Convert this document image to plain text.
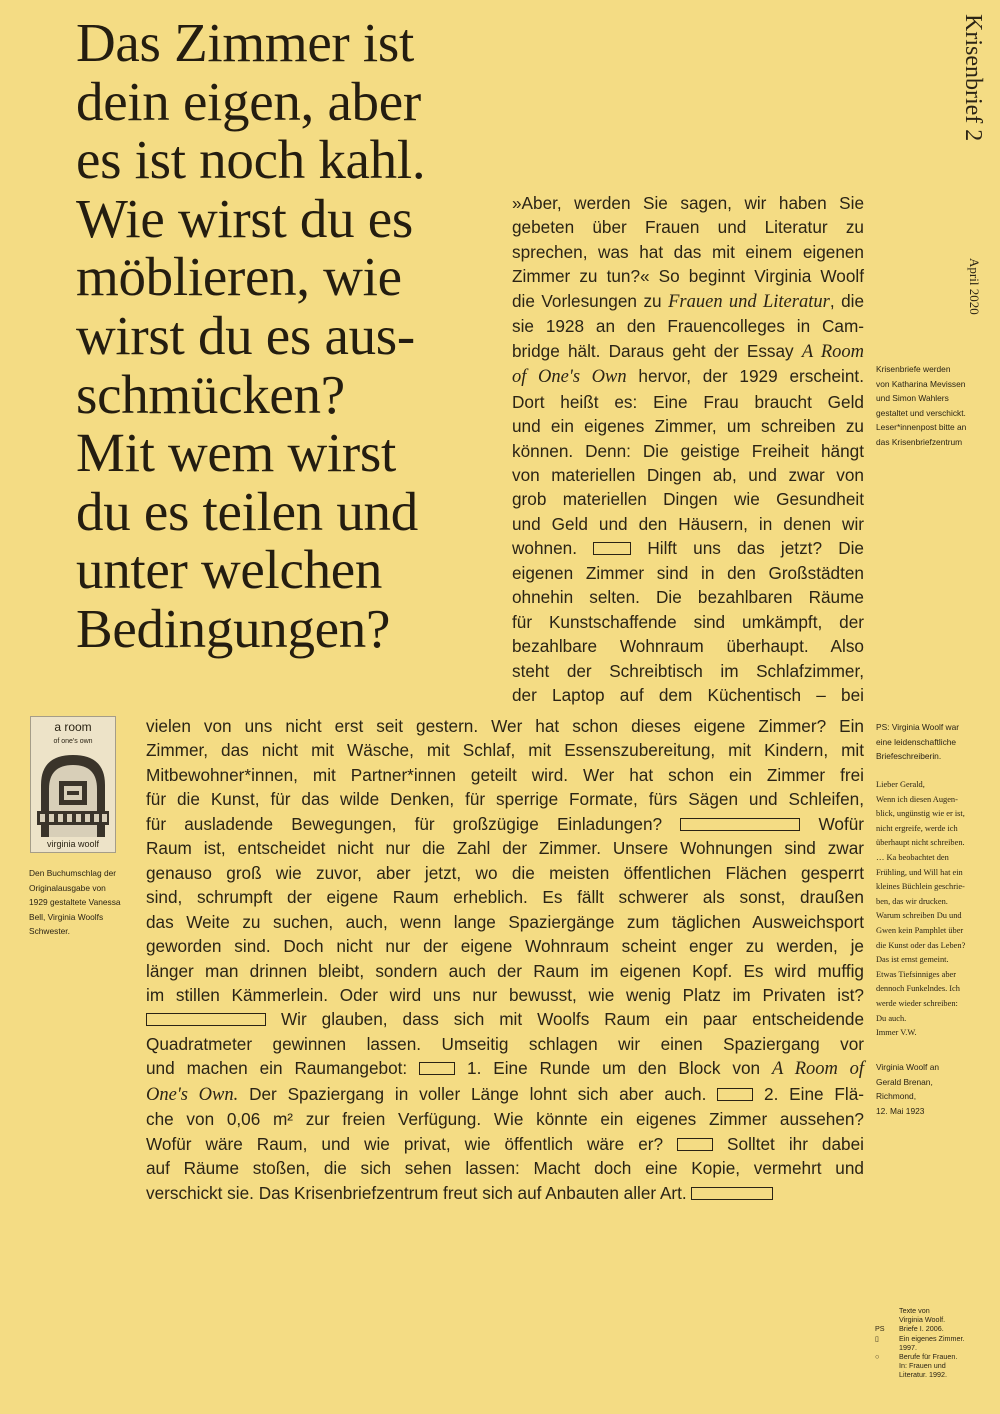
Das Zimmer ist
dein eigen, aber
es ist noch kahl.
Wie wirst du es
möblieren, wie
wirst du es aus-
schmücken?
Mit wem wirst
du es teilen und
unter welchen
Bedingungen?
Krisenbrief 2
April 2020
Krisenbriefe werden
von Katharina Mevissen
und Simon Wahlers
gestaltet und verschickt.
Leser*innenpost bitte an
das Krisenbriefzentrum
»Aber, werden Sie sagen, wir haben Sie
gebeten über Frauen und Literatur zu
sprechen, was hat das mit einem eigenen
Zimmer zu tun?« So beginnt Virginia Woolf
die Vorlesungen zu Frauen und Literatur, die
sie 1928 an den Frauencolleges in Cam-
bridge hält. Daraus geht der Essay A Room
of One's Own hervor, der 1929 erscheint.
Dort heißt es: Eine Frau braucht Geld
und ein eigenes Zimmer, um schreiben zu
können. Denn: Die geistige Freiheit hängt
von materiellen Dingen ab, und zwar von
grob materiellen Dingen wie Gesundheit
und Geld und den Häusern, in denen wir
wohnen.	Hilft uns das jetzt? Die
eigenen Zimmer sind in den Großstädten
ohnehin selten. Die bezahlbaren Räume
für Kunstschaffende sind umkämpft, der
bezahlbare Wohnraum überhaupt. Also
steht der Schreibtisch im Schlafzimmer,
der Laptop auf dem Küchentisch – bei
vielen von uns nicht erst seit gestern. Wer hat schon dieses eigene Zimmer? Ein
Zimmer, das nicht mit Wäsche, mit Schlaf, mit Essenszubereitung, mit Kindern, mit
Mitbewohner*innen, mit Partner*innen geteilt wird. Wer hat schon ein Zimmer frei
für die Kunst, für das wilde Denken, für sperrige Formate, fürs Sägen und Schleifen,
für ausladende Bewegungen, für großzügige Einladungen?	Wofür
Raum ist, entscheidet nicht nur die Zahl der Zimmer. Unsere Wohnungen sind zwar
genauso groß wie zuvor, aber jetzt, wo die meisten öffentlichen Flächen gesperrt
sind, schrumpft der eigene Raum erheblich. Es fällt schwerer als sonst, draußen
das Weite zu suchen, auch, wenn lange Spaziergänge zum täglichen Ausweichsport
geworden sind. Doch nicht nur der eigene Wohnraum scheint enger zu werden, je
länger man drinnen bleibt, sondern auch der Raum im eigenen Kopf. Es wird muffig
im stillen Kämmerlein. Oder wird uns nur bewusst, wie wenig Platz im Privaten ist?
Wir glauben, dass sich mit Woolfs Raum ein paar entscheidende
Quadratmeter gewinnen lassen. Umseitig schlagen wir einen Spaziergang vor
und machen ein Raumangebot:	1. Eine Runde um den Block von A Room of
One's Own. Der Spaziergang in voller Länge lohnt sich aber auch.	2. Eine Flä-
che von 0,06 m² zur freien Verfügung. Wie könnte ein eigenes Zimmer aussehen?
Wofür wäre Raum, und wie privat, wie öffentlich wäre er?	Solltet ihr dabei
auf Räume stoßen, die sich sehen lassen: Macht doch eine Kopie, vermehrt und
verschickt sie. Das Krisenbriefzentrum freut sich auf Anbauten aller Art.
a room
of one's own
virginia woolf
Den Buchumschlag der
Originalausgabe von
1929 gestaltete Vanessa
Bell, Virginia Woolfs
Schwester.
PS: Virginia Woolf war
eine leidenschaftliche
Briefeschreiberin.
Lieber Gerald,
Wenn ich diesen Augen-
blick, ungünstig wie er ist,
nicht ergreife, werde ich
überhaupt nicht schreiben.
… Ka beobachtet den
Frühling, und Will hat ein
kleines Büchlein geschrie-
ben, das wir drucken.
Warum schreiben Du und
Gwen kein Pamphlet über
die Kunst oder das Leben?
Das ist ernst gemeint.
Etwas Tiefsinniges aber
dennoch Funkelndes. Ich
werde wieder schreiben:
Du auch.
Immer V.W.
Virginia Woolf an
Gerald Brenan,
Richmond,
12. Mai 1923
Texte von
Virginia Woolf.
PS	Briefe I. 2006.
▯	Ein eigenes Zimmer.
1997.
○	Berufe für Frauen.
In: Frauen und
Literatur. 1992.
